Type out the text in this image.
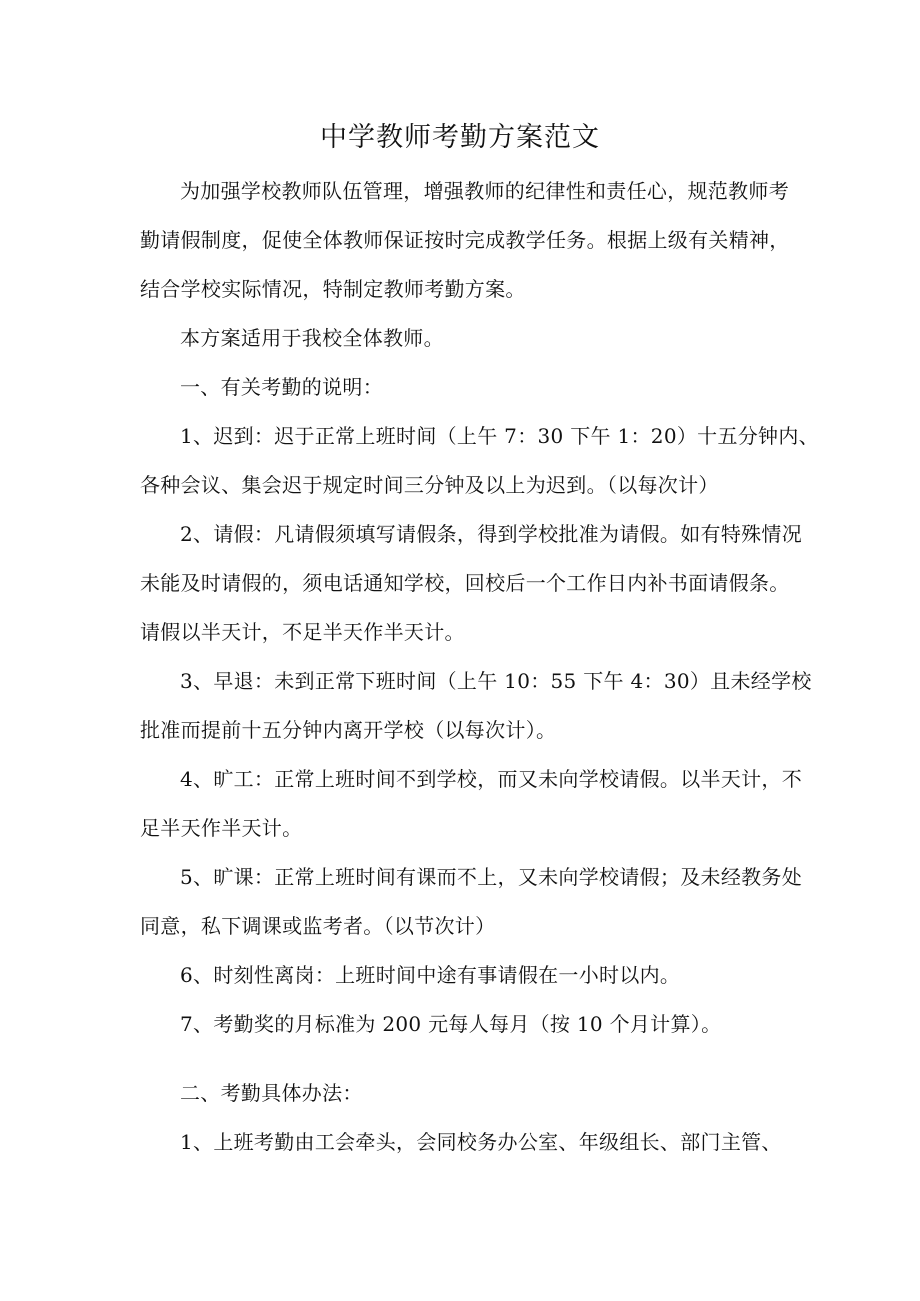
中学教师考勤方案范文
为加强学校教师队伍管理，增强教师的纪律性和责任心，规范教师考
勤请假制度，促使全体教师保证按时完成教学任务。根据上级有关精神，
结合学校实际情况，特制定教师考勤方案。
本方案适用于我校全体教师。
一、有关考勤的说明：
1、迟到：迟于正常上班时间（上午 7：30 下午 1：20）十五分钟内、
各种会议、集会迟于规定时间三分钟及以上为迟到。（以每次计）
2、请假：凡请假须填写请假条，得到学校批准为请假。如有特殊情况
未能及时请假的，须电话通知学校，回校后一个工作日内补书面请假条。
请假以半天计，不足半天作半天计。
3、早退：未到正常下班时间（上午 10：55 下午 4：30）且未经学校
批准而提前十五分钟内离开学校（以每次计）。
4、旷工：正常上班时间不到学校，而又未向学校请假。以半天计，不
足半天作半天计。
5、旷课：正常上班时间有课而不上，又未向学校请假；及未经教务处
同意，私下调课或监考者。（以节次计）
6、时刻性离岗：上班时间中途有事请假在一小时以内。
7、考勤奖的月标准为 200 元每人每月（按 10 个月计算）。
二、考勤具体办法：
1、上班考勤由工会牵头，会同校务办公室、年级组长、部门主管、
